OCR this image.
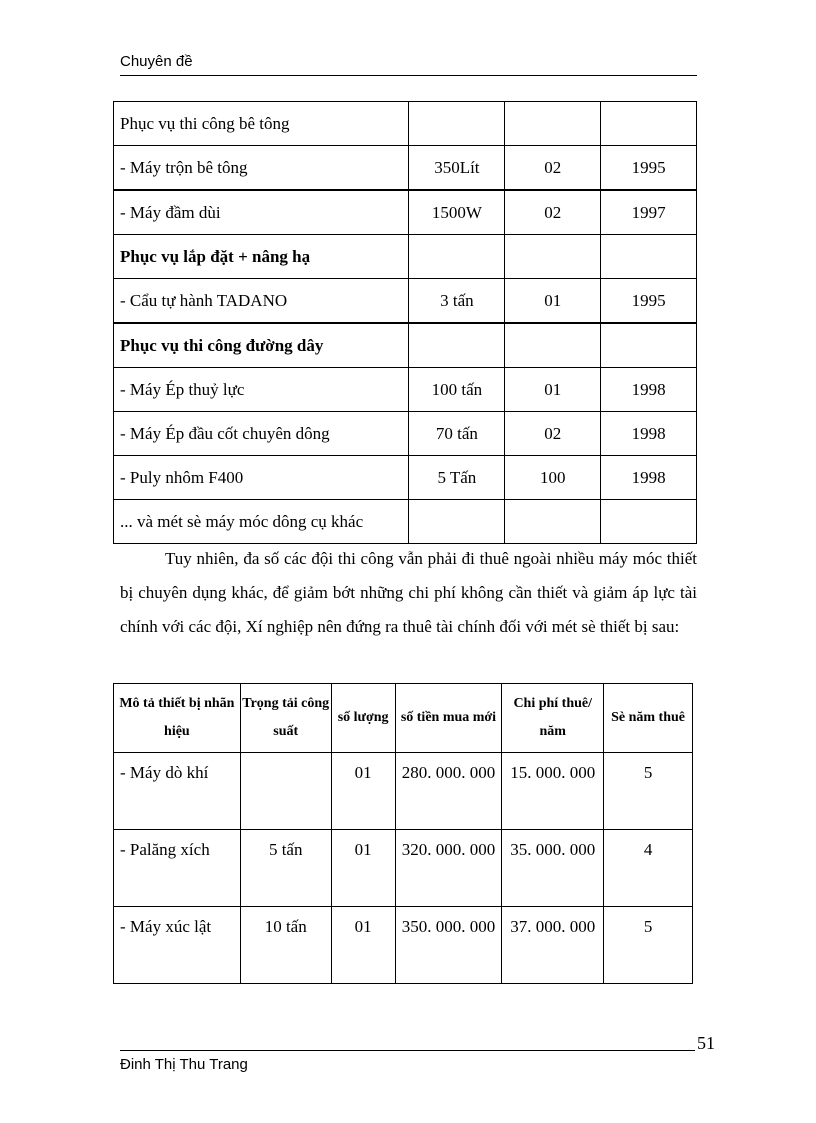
Chuyên đề
Phục vụ thi công bê tông			
- Máy trộn bê tông	350Lít	02	1995
- Máy đầm dùi	1500W	02	1997
Phục vụ lắp đặt + nâng hạ			
- Cẩu tự hành TADANO	3 tấn	01	1995
Phục vụ thi công đường dây			
- Máy Ép thuỷ lực	100 tấn	01	1998
- Máy Ép đầu cốt chuyên dông	70 tấn	02	1998
- Puly nhôm F400	5 Tấn	100	1998
... và mét sè máy móc dông cụ khác			
Tuy nhiên, đa số các đội thi công vẫn phải đi thuê ngoài nhiều máy móc thiết bị chuyên dụng khác, để giảm bớt những chi phí không cần thiết và giảm áp lực tài chính với các đội, Xí nghiệp nên đứng ra thuê tài chính đối với mét sè thiết bị sau:
Mô tả thiết bị nhãn hiệu	Trọng tải công suất	số lượng	số tiền mua mới	Chi phí thuê/ năm	Sè năm thuê
- Máy dò khí		01	280. 000. 000	15. 000. 000	5
- Palăng xích	5 tấn	01	320. 000. 000	35. 000. 000	4
- Máy xúc lật	10 tấn	01	350. 000. 000	37. 000. 000	5
51
Đinh Thị Thu Trang
